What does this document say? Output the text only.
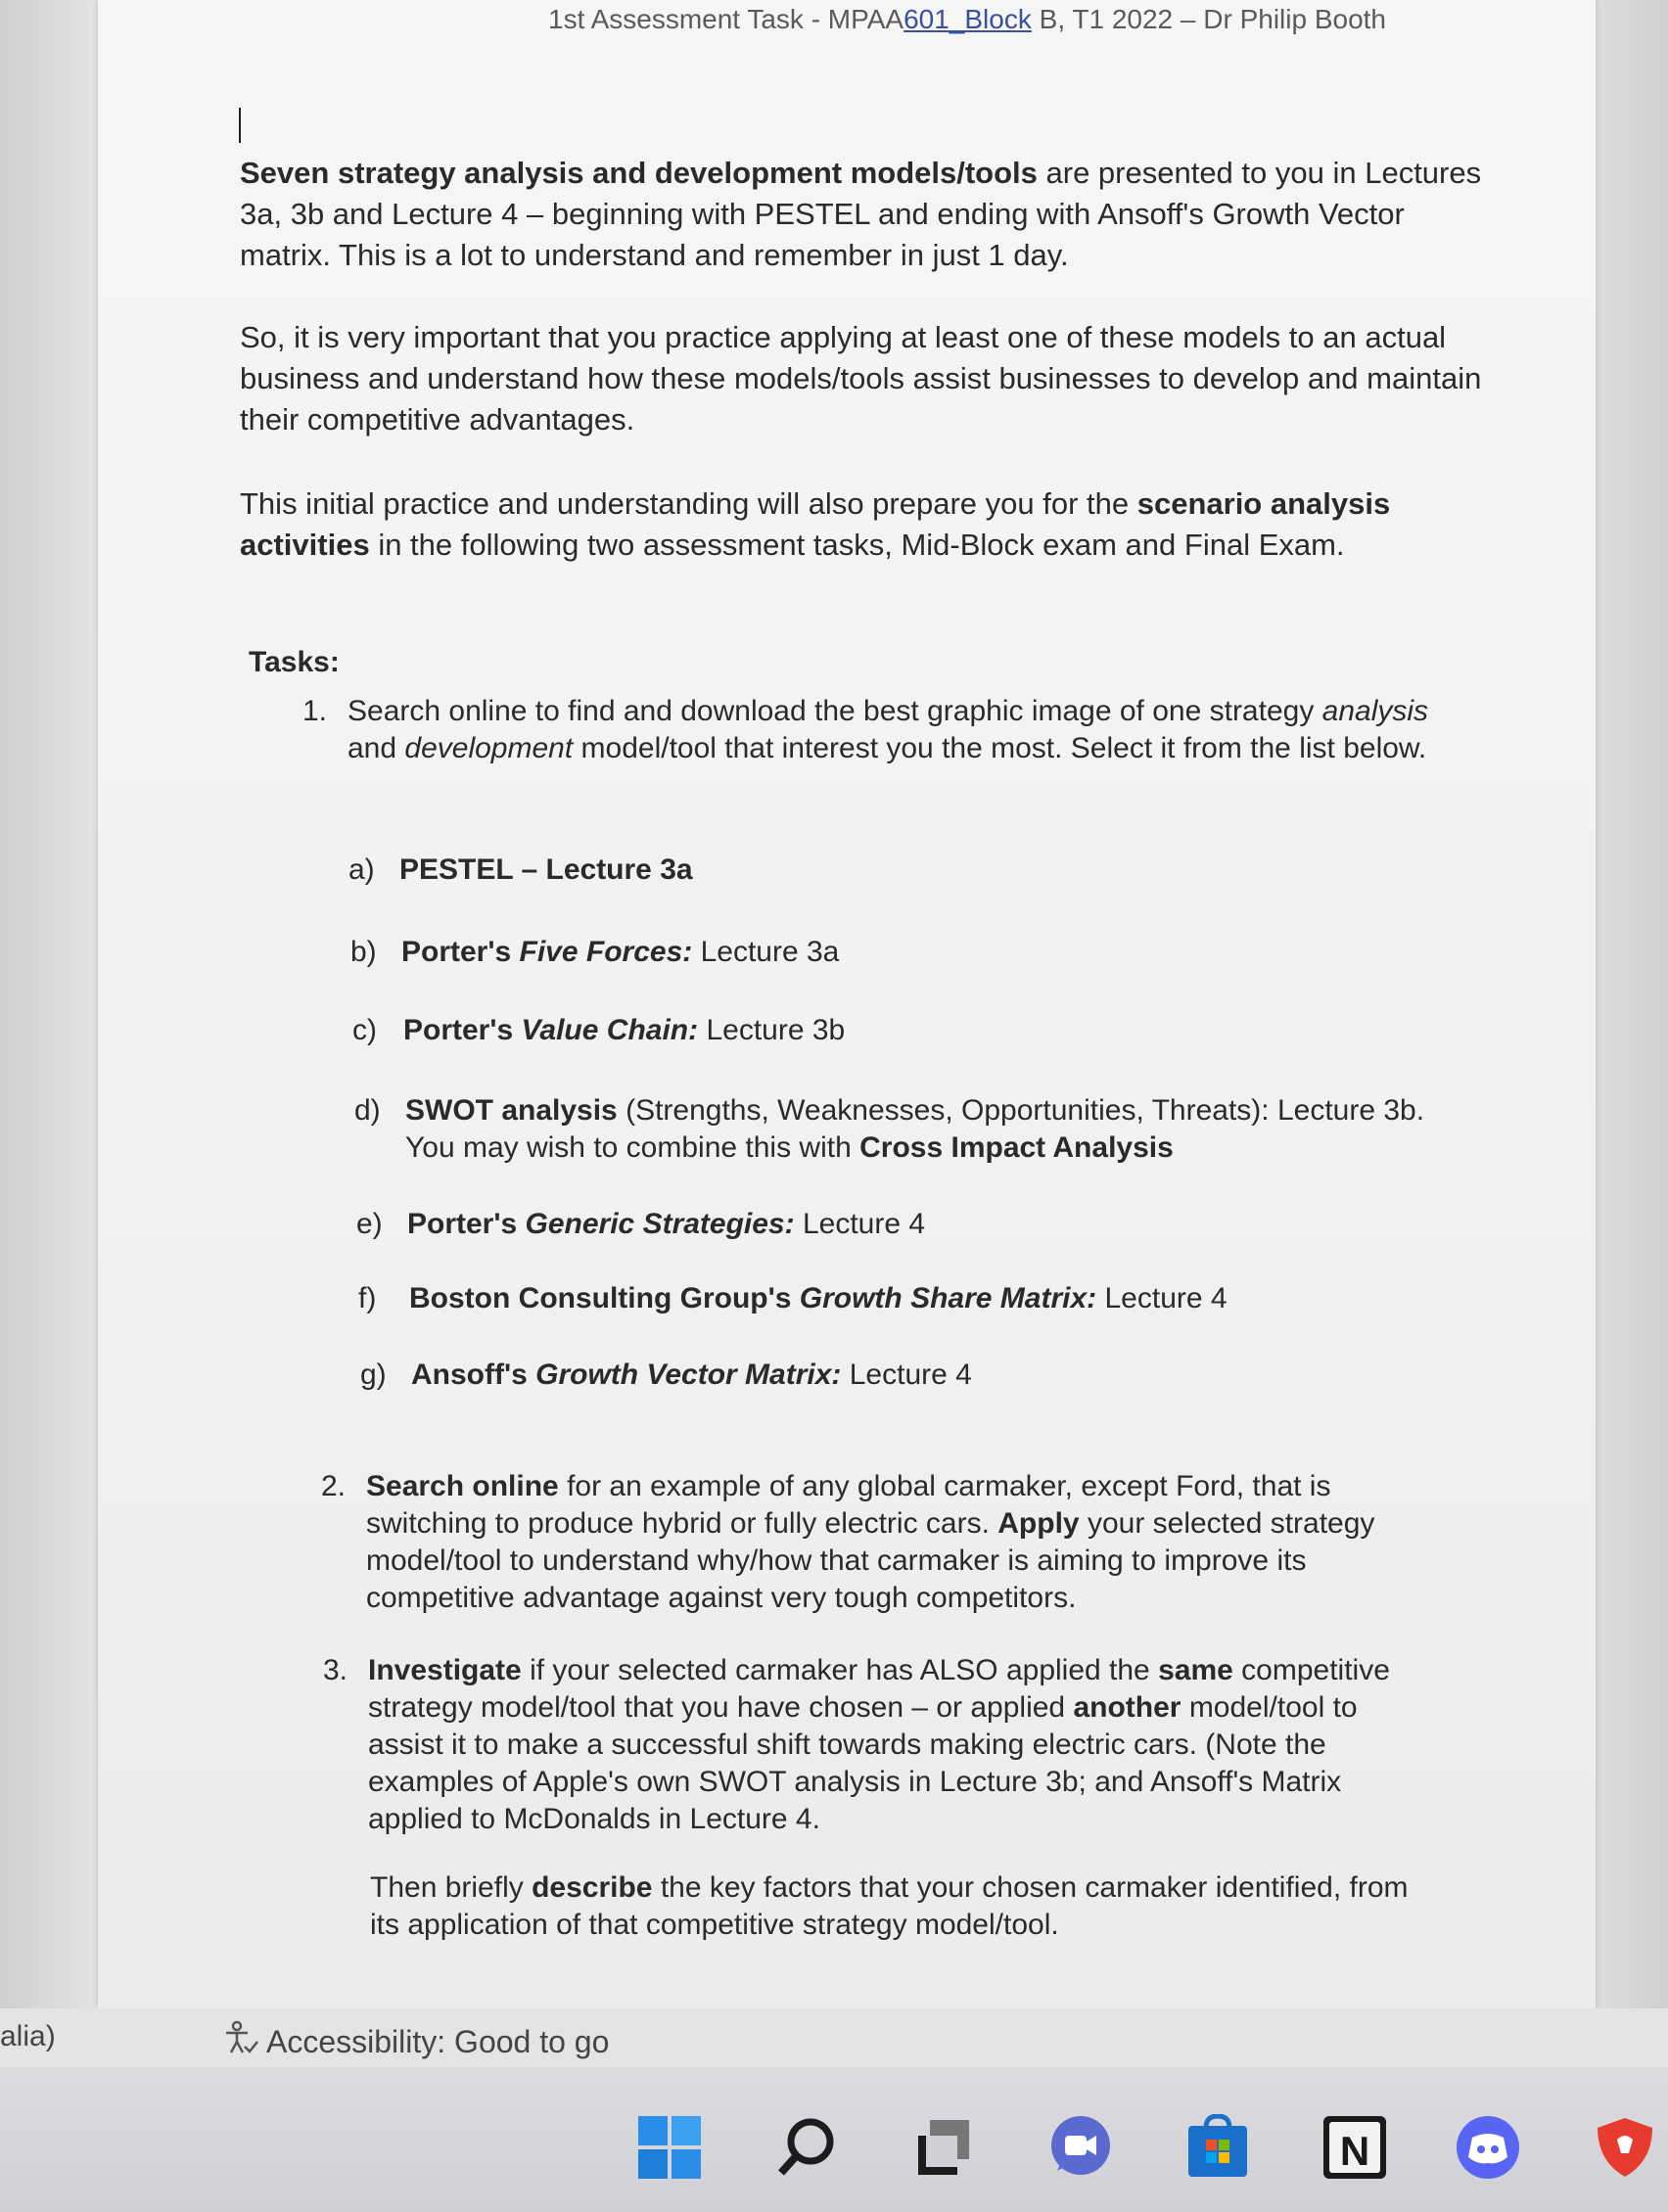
1st Assessment Task - MPAA601_Block B, T1 2022 – Dr Philip Booth
Seven strategy analysis and development models/tools are presented to you in Lectures 3a, 3b and Lecture 4 – beginning with PESTEL and ending with Ansoff's Growth Vector matrix. This is a lot to understand and remember in just 1 day.
So, it is very important that you practice applying at least one of these models to an actual business and understand how these models/tools assist businesses to develop and maintain their competitive advantages.
This initial practice and understanding will also prepare you for the scenario analysis activities in the following two assessment tasks, Mid-Block exam and Final Exam.
Tasks:
1. Search online to find and download the best graphic image of one strategy analysis and development model/tool that interest you the most. Select it from the list below.
a) PESTEL – Lecture 3a
b) Porter's Five Forces: Lecture 3a
c) Porter's Value Chain: Lecture 3b
d) SWOT analysis (Strengths, Weaknesses, Opportunities, Threats): Lecture 3b.
You may wish to combine this with Cross Impact Analysis
e) Porter's Generic Strategies: Lecture 4
f) Boston Consulting Group's Growth Share Matrix: Lecture 4
g) Ansoff's Growth Vector Matrix: Lecture 4
2. Search online for an example of any global carmaker, except Ford, that is switching to produce hybrid or fully electric cars. Apply your selected strategy model/tool to understand why/how that carmaker is aiming to improve its competitive advantage against very tough competitors.
3. Investigate if your selected carmaker has ALSO applied the same competitive strategy model/tool that you have chosen – or applied another model/tool to assist it to make a successful shift towards making electric cars. (Note the examples of Apple's own SWOT analysis in Lecture 3b; and Ansoff's Matrix applied to McDonalds in Lecture 4.
Then briefly describe the key factors that your chosen carmaker identified, from its application of that competitive strategy model/tool.
alia)	Accessibility: Good to go
N
